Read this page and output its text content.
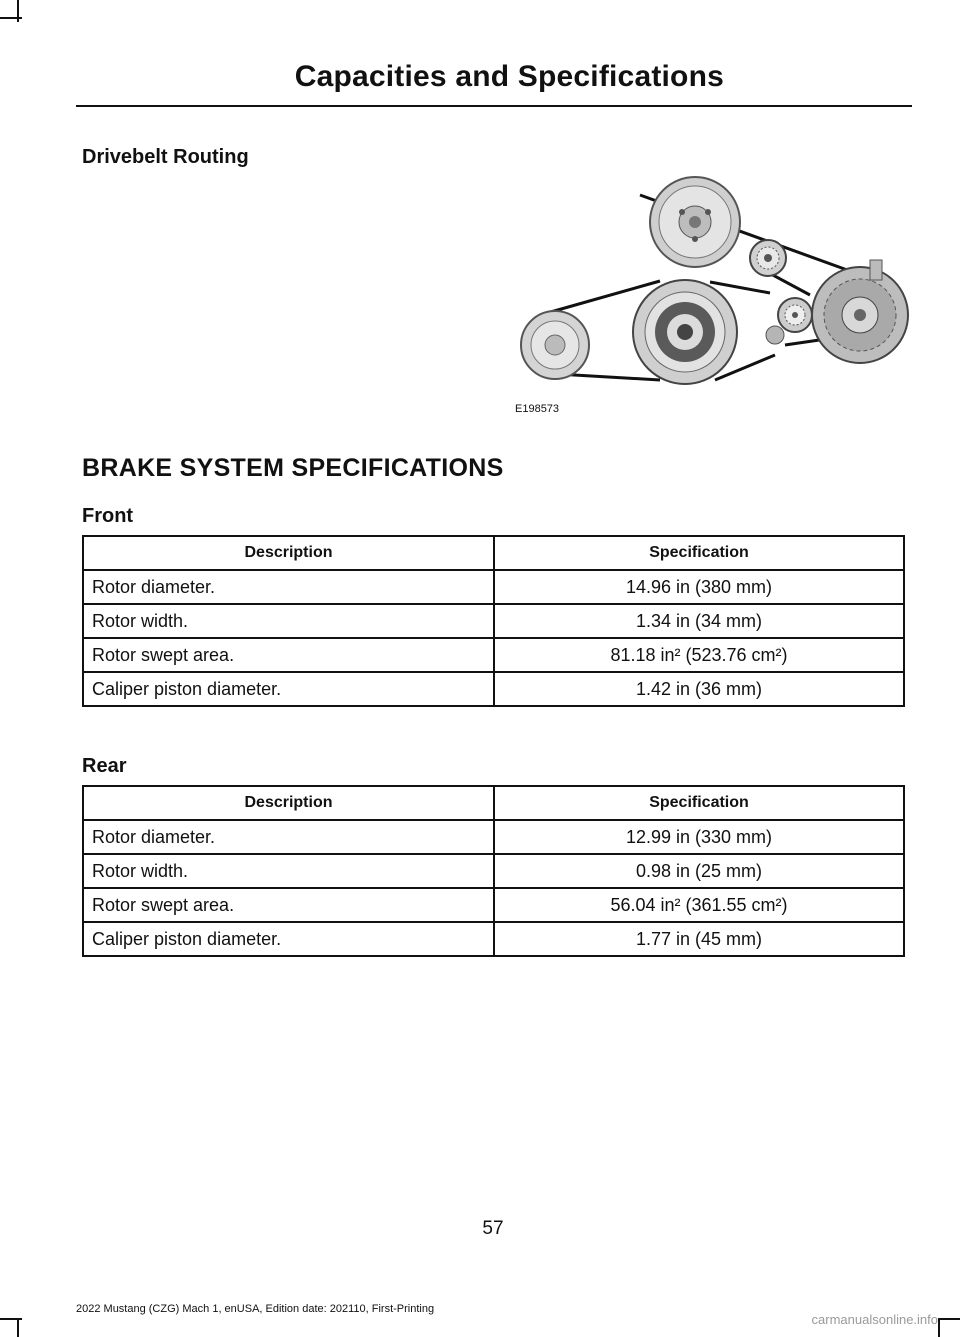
Capacities and Specifications
Drivebelt Routing
E198573
BRAKE SYSTEM SPECIFICATIONS
Front
Description	Specification
Rotor diameter.	14.96 in (380 mm)
Rotor width.	1.34 in (34 mm)
Rotor swept area.	81.18 in² (523.76 cm²)
Caliper piston diameter.	1.42 in (36 mm)
Rear
Description	Specification
Rotor diameter.	12.99 in (330 mm)
Rotor width.	0.98 in (25 mm)
Rotor swept area.	56.04 in² (361.55 cm²)
Caliper piston diameter.	1.77 in (45 mm)
57
2022 Mustang (CZG) Mach 1, enUSA, Edition date: 202110, First-Printing
carmanualsonline.info
